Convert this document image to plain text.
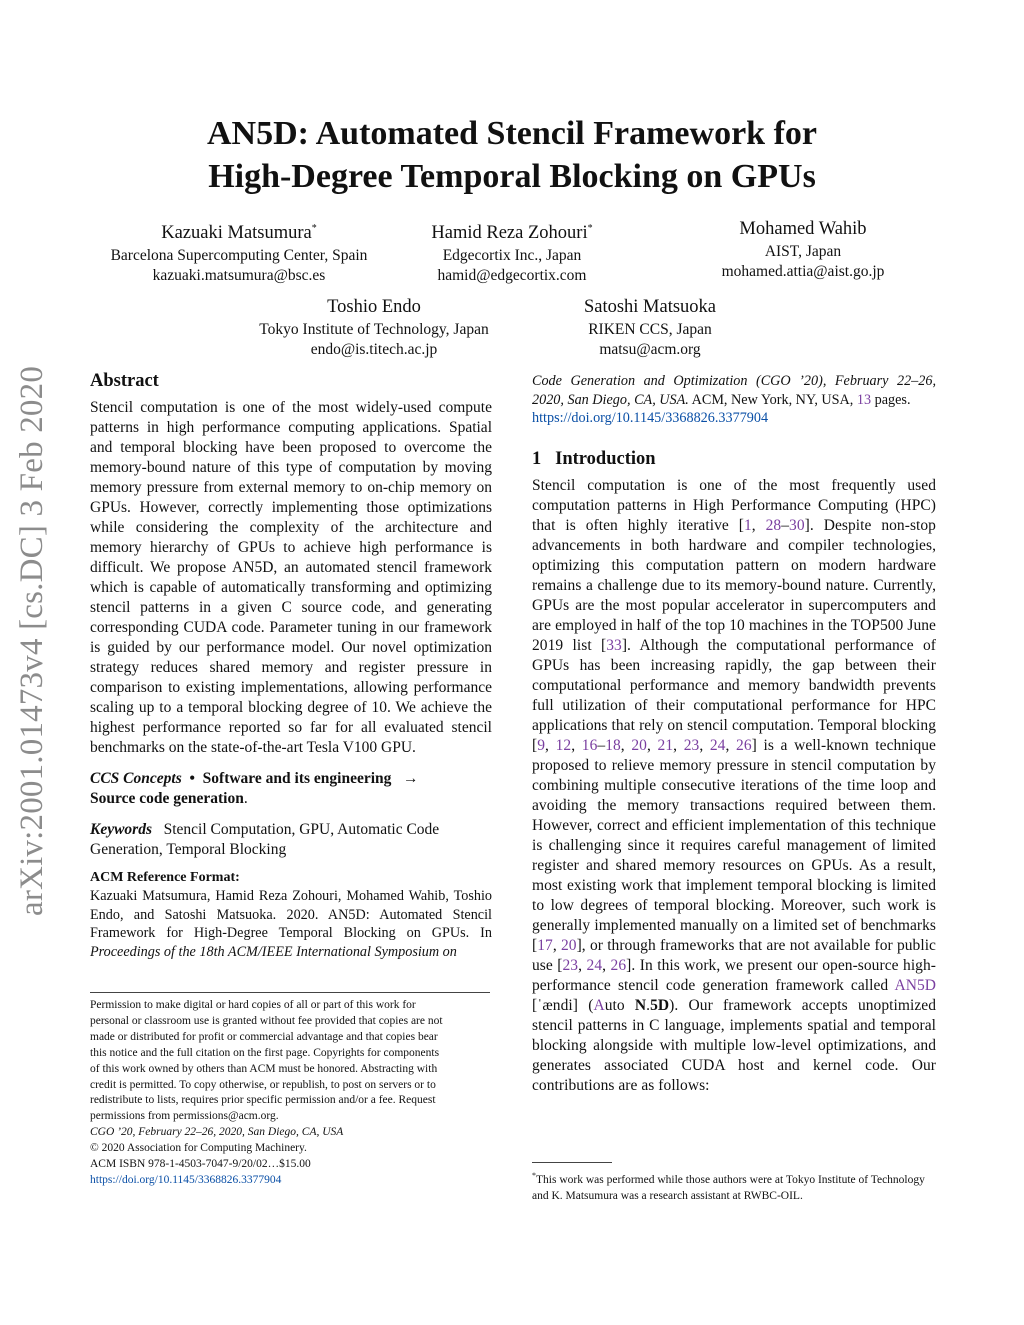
arXiv:2001.01473v4 [cs.DC] 3 Feb 2020
AN5D: Automated Stencil Framework for
High-Degree Temporal Blocking on GPUs
Kazuaki Matsumura*
Barcelona Supercomputing Center, Spain
kazuaki.matsumura@bsc.es
Hamid Reza Zohouri*
Edgecortix Inc., Japan
hamid@edgecortix.com
Mohamed Wahib
AIST, Japan
mohamed.attia@aist.go.jp
Toshio Endo
Tokyo Institute of Technology, Japan
endo@is.titech.ac.jp
Satoshi Matsuoka
RIKEN CCS, Japan
matsu@acm.org
Abstract

Stencil computation is one of the most widely-used compute patterns in high performance computing applications. Spatial and temporal blocking have been proposed to overcome the memory-bound nature of this type of computation by moving memory pressure from external memory to on-chip memory on GPUs. However, correctly implementing those optimizations while considering the complexity of the architecture and memory hierarchy of GPUs to achieve high performance is difficult. We propose AN5D, an automated stencil framework which is capable of automatically transforming and optimizing stencil patterns in a given C source code, and generating corresponding CUDA code. Parameter tuning in our framework is guided by our performance model. Our novel optimization strategy reduces shared memory and register pressure in comparison to existing implementations, allowing performance scaling up to a temporal blocking degree of 10. We achieve the highest performance reported so far for all evaluated stencil benchmarks on the state-of-the-art Tesla V100 GPU.

CCS Concepts • Software and its engineering →
Source code generation.

Keywords Stencil Computation, GPU, Automatic Code Generation, Temporal Blocking

ACM Reference Format:

Kazuaki Matsumura, Hamid Reza Zohouri, Mohamed Wahib, Toshio Endo, and Satoshi Matsuoka. 2020. AN5D: Automated Stencil Framework for High-Degree Temporal Blocking on GPUs. In
Proceedings of the 18th ACM/IEEE International Symposium on

Permission to make digital or hard copies of all or part of this work for
personal or classroom use is granted without fee provided that copies are not
made or distributed for profit or commercial advantage and that copies bear
this notice and the full citation on the first page. Copyrights for components
of this work owned by others than ACM must be honored. Abstracting with
credit is permitted. To copy otherwise, or republish, to post on servers or to
redistribute to lists, requires prior specific permission and/or a fee. Request
permissions from permissions@acm.org.
CGO ’20, February 22–26, 2020, San Diego, CA, USA
© 2020 Association for Computing Machinery.
ACM ISBN 978-1-4503-7047-9/20/02…$15.00
https://doi.org/10.1145/3368826.3377904

Code Generation and Optimization (CGO ’20), February 22–26, 2020, San Diego, CA, USA. ACM, New York, NY, USA, 13 pages.
https://doi.org/10.1145/3368826.3377904

1 Introduction

Stencil computation is one of the most frequently used computation patterns in High Performance Computing (HPC) that is often highly iterative [1, 28–30]. Despite non-stop advancements in both hardware and compiler technologies, optimizing this computation pattern on modern hardware remains a challenge due to its memory-bound nature. Currently, GPUs are the most popular accelerator in supercomputers and are employed in half of the top 10 machines in the TOP500 June 2019 list [33]. Although the computational performance of GPUs has been increasing rapidly, the gap between their computational performance and memory bandwidth prevents full utilization of their computational performance for HPC applications that rely on stencil computation. Temporal blocking [9, 12, 16–18, 20, 21, 23, 24, 26] is a well-known technique proposed to relieve memory pressure in stencil computation by combining multiple consecutive iterations of the time loop and avoiding the memory transactions required between them. However, correct and efficient implementation of this technique is challenging since it requires careful management of limited register and shared memory resources on GPUs. As a result, most existing work that implement temporal blocking is limited to low degrees of temporal blocking. Moreover, such work is generally implemented manually on a limited set of benchmarks [17, 20], or through frameworks that are not available for public use [23, 24, 26]. In this work, we present our open-source high-performance stencil code generation framework called AN5D [ˈændi] (Auto N.5D). Our framework accepts unoptimized stencil patterns in C language, implements spatial and temporal blocking alongside with multiple low-level optimizations, and generates associated CUDA host and kernel code. Our contributions are as follows:

*This work was performed while those authors were at Tokyo Institute of Technology and K. Matsumura was a research assistant at RWBC-OIL.
